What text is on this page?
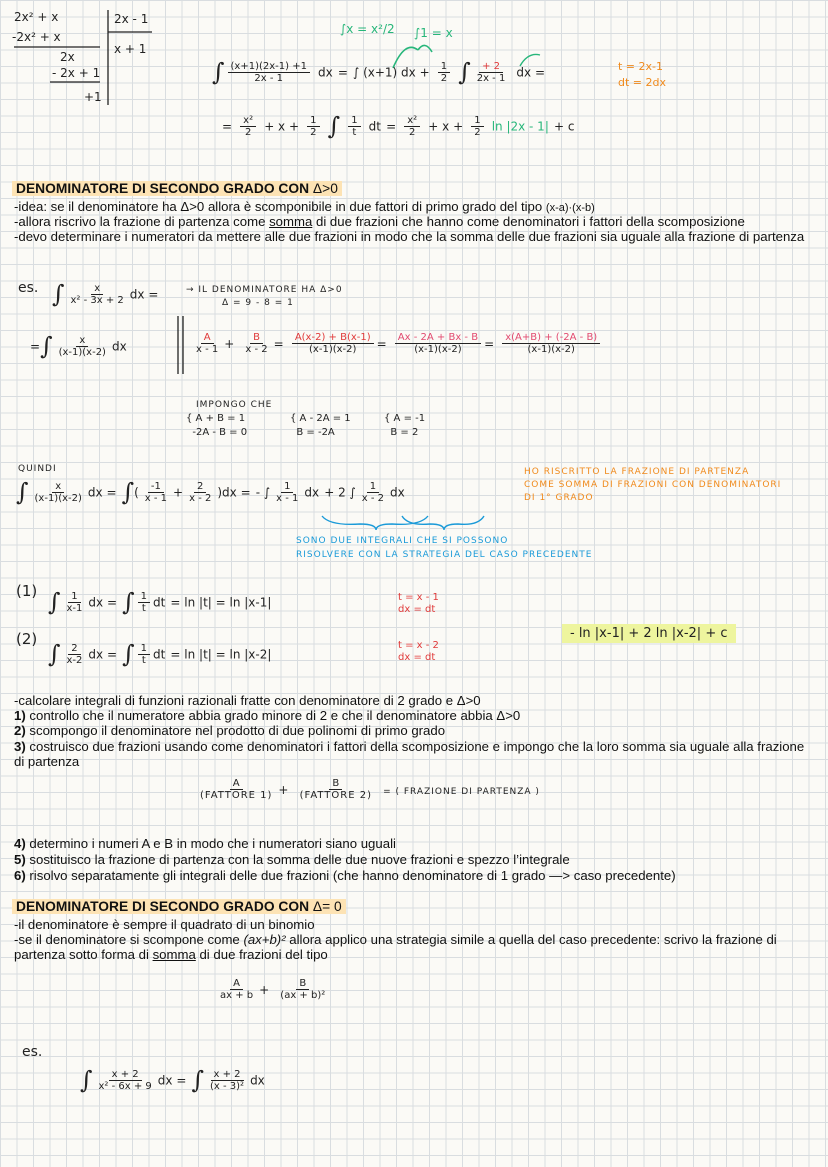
2x² + x
-2x² + x
2x
- 2x + 1
+1
2x - 1
x + 1
∫x = x²/2 ∫1 = x
t = 2x-1
dt = 2dx
∫ $\frac{(x+1)(2x-1) +1}{2x - 1}$ dx = ∫ (x+1) dx + $\frac{1}{2}$ ∫ $\frac{+ 2}{2x - 1}$ dx =
= $\frac{\text{x²}}{2} + x + \frac{1}{2}$ ∫ $\frac{1}{t}$ dt = $\frac{\text{x²}}{2} + x + \frac{1}{2}$ ln |2x - 1| + c
DENOMINATORE DI SECONDO GRADO CON Δ>0
-idea: se il denominatore ha Δ>0 allora è scomponibile in due fattori di primo grado del tipo (x-a)·(x-b)
-allora riscrivo la frazione di partenza come somma di due frazioni che hanno come denominatori i fattori della scomposizione
-devo determinare i numeratori da mettere alle due frazioni in modo che la somma delle due frazioni sia uguale alla frazione di partenza
es. ∫ $\frac{x}{\text{x² - 3x + 2}}$ dx =	→ IL DENOMINATORE HA Δ>0
Δ = 9 - 8 = 1
=∫ $\frac{x}{(x-1)(x-2)}$ dx	$\frac{A}{x - 1} + \frac{B}{x - 2} = \frac{A(x-2) + B(x-1)}{(x-1)(x-2)} = \frac{Ax - 2A + Bx - B}{(x-1)(x-2)} = \frac{x(A+B) + (-2A - B)}{(x-1)(x-2)}$
IMPONGO CHE
{ A + B = 1
-2A - B = 0
{ A - 2A = 1
B = -2A
{ A = -1
B = 2
QUINDI
∫ $\frac{x}{(x-1)(x-2)}$ dx = ∫( $\frac{-1}{x - 1} + \frac{2}{x - 2} )dx$ = - ∫ $\frac{1}{x - 1}$ dx + 2 ∫ $\frac{1}{x - 2}$ dx
HO RISCRITTO LA FRAZIONE DI PARTENZA
COME SOMMA DI FRAZIONI CON DENOMINATORI
DI 1° GRADO
SONO DUE INTEGRALI CHE SI POSSONO
RISOLVERE CON LA STRATEGIA DEL CASO PRECEDENTE
(1) ∫ $\frac{1}{x-1}$ dx = ∫ $\frac{1}{t}$ dt = ln |t| = ln |x-1|	t = x - 1
dx = dt
(2)
∫ $\frac{2}{x-2}$ dx = ∫ $\frac{1}{t}$ dt = ln |t| = ln |x-2|
t = x - 2
dx = dt
- ln |x-1| + 2 ln |x-2| + c
-calcolare integrali di funzioni razionali fratte con denominatore di 2 grado e Δ>0
1) controllo che il numeratore abbia grado minore di 2 e che il denominatore abbia Δ>0
2) scompongo il denominatore nel prodotto di due polinomi di primo grado
3) costruisco due frazioni usando come denominatori i fattori della scomposizione e impongo che la loro somma sia uguale alla frazione di partenza
$\frac{A}{\text{(FATTORE 1)}} + \frac{B}{\text{(FATTORE 2)}}$ = ( FRAZIONE DI PARTENZA )
4) determino i numeri A e B in modo che i numeratori siano uguali
5) sostituisco la frazione di partenza con la somma delle due nuove frazioni e spezzo l’integrale
6) risolvo separatamente gli integrali delle due frazioni (che hanno denominatore di 1 grado —> caso precedente)
DENOMINATORE DI SECONDO GRADO CON Δ= 0
-il denominatore è sempre il quadrato di un binomio
-se il denominatore si scompone come (ax+b)² allora applico una strategia simile a quella del caso precedente: scrivo la frazione di partenza sotto forma di somma di due frazioni del tipo
$\frac{A}{ax + b} + \frac{B}{\text{(ax + b)²}}$
es.
∫ $\frac{x + 2}{\text{x² - 6x + 9}}$ dx = ∫ $\frac{x + 2}{\text{(x - 3)²}}$ dx
